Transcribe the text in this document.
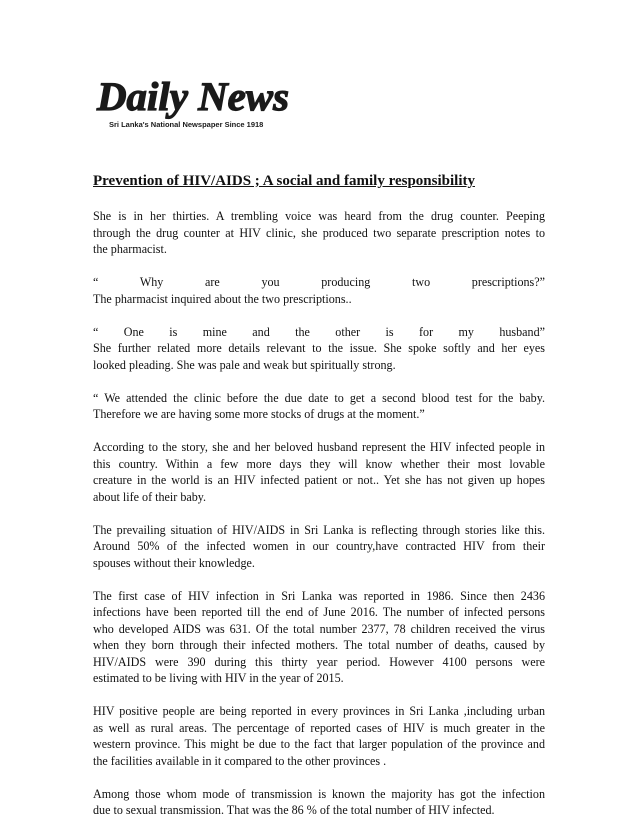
Daily News
Sri Lanka's National Newspaper Since 1918
Prevention of HIV/AIDS ; A social and family responsibility

She is in her thirties. A trembling voice was heard from the drug counter. Peeping
through the drug counter at HIV clinic, she produced two separate prescription notes to
the pharmacist.

“ Why are you producing two prescriptions?”
The pharmacist inquired about the two prescriptions..

“ One is mine and the other is for my husband”
She further related more details relevant to the issue. She spoke softly and her eyes
looked pleading. She was pale and weak but spiritually strong.

“ We attended the clinic before the due date to get a second blood test for the baby.
Therefore we are having some more stocks of drugs at the moment.”

According to the story, she and her beloved husband represent the HIV infected people in
this country. Within a few more days they will know whether their most lovable
creature in the world is an HIV infected patient or not.. Yet she has not given up hopes
about life of their baby.

The prevailing situation of HIV/AIDS in Sri Lanka is reflecting through stories like this.
Around 50% of the infected women in our country,have contracted HIV from their
spouses without their knowledge.

The first case of HIV infection in Sri Lanka was reported in 1986. Since then 2436
infections have been reported till the end of June 2016. The number of infected persons
who developed AIDS was 631. Of the total number 2377, 78 children received the virus
when they born through their infected mothers. The total number of deaths, caused by
HIV/AIDS were 390 during this thirty year period. However 4100 persons were
estimated to be living with HIV in the year of 2015.

HIV positive people are being reported in every provinces in Sri Lanka ,including urban
as well as rural areas. The percentage of reported cases of HIV is much greater in the
western province. This might be due to the fact that larger population of the province and
the facilities available in it compared to the other provinces .

Among those whom mode of transmission is known the majority has got the infection
due to sexual transmission. That was the 86 % of the total number of HIV infected.
